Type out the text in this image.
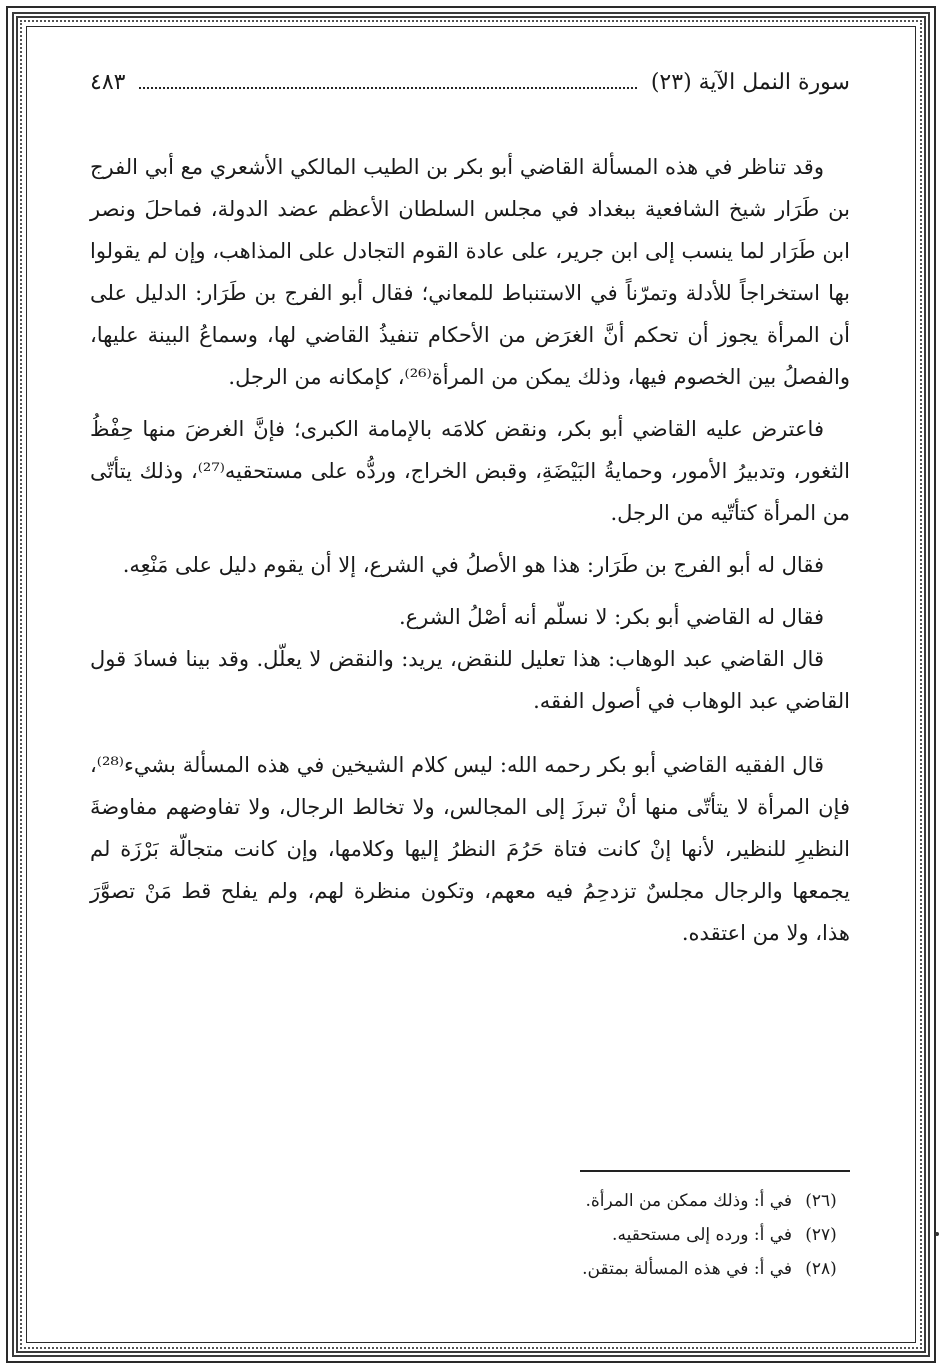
سورة النمل الآية (٢٣)
٤٨٣

وقد تناظر في هذه المسألة القاضي أبو بكر بن الطيب المالكي الأشعري مع أبي الفرج بن طَرَار شيخ الشافعية ببغداد في مجلس السلطان الأعظم عضد الدولة، فماحلَ ونصر ابن طَرَار لما ينسب إلى ابن جرير، على عادة القوم التجادل على المذاهب، وإن لم يقولوا بها استخراجاً للأدلة وتمرّناً في الاستنباط للمعاني؛ فقال أبو الفرج بن طَرَار: الدليل على أن المرأة يجوز أن تحكم أنَّ الغرَض من الأحكام تنفيذُ القاضي لها، وسماعُ البينة عليها، والفصلُ بين الخصوم فيها، وذلك يمكن من المرأة⁽²⁶⁾، كإمكانه من الرجل.

فاعترض عليه القاضي أبو بكر، ونقض كلامَه بالإمامة الكبرى؛ فإنَّ الغرضَ منها حِفْظُ الثغور، وتدبيرُ الأمور، وحمايةُ البَيْضَةِ، وقبض الخراج، وردُّه على مستحقيه⁽²⁷⁾، وذلك يتأتّى من المرأة كتأتّيه من الرجل.

فقال له أبو الفرج بن طَرَار: هذا هو الأصلُ في الشرع، إلا أن يقوم دليل على مَنْعِه.

فقال له القاضي أبو بكر: لا نسلّم أنه أصْلُ الشرع.

قال القاضي عبد الوهاب: هذا تعليل للنقض، يريد: والنقض لا يعلّل. وقد بينا فسادَ قول القاضي عبد الوهاب في أصول الفقه.

قال الفقيه القاضي أبو بكر رحمه الله: ليس كلام الشيخين في هذه المسألة بشيء⁽²⁸⁾، فإن المرأة لا يتأتّى منها أنْ تبرزَ إلى المجالس، ولا تخالط الرجال، ولا تفاوضهم مفاوضةَ النظيرِ للنظير، لأنها إنْ كانت فتاة حَرُمَ النظرُ إليها وكلامها، وإن كانت متجالّة بَرْزَة لم يجمعها والرجال مجلسٌ تزدحِمُ فيه معهم، وتكون منظرة لهم، ولم يفلح قط مَنْ تصوَّرَ هذا، ولا من اعتقده.

(٢٦)
في أ: وذلك ممكن من المرأة.
(٢٧)
في أ: ورده إلى مستحقيه.
(٢٨)
في أ: في هذه المسألة بمتقن.
